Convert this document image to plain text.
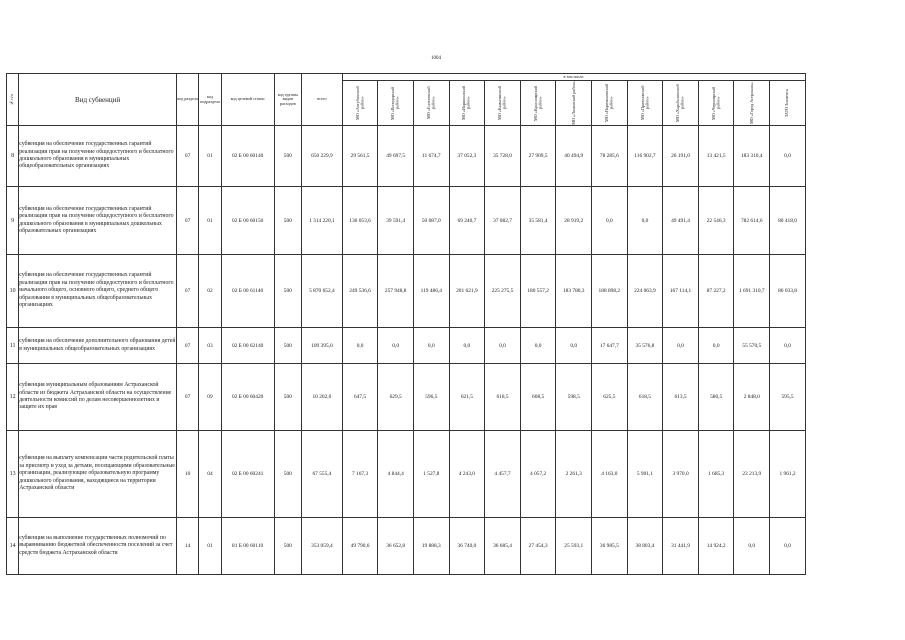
1004
№ п/п	Вид субвенций	код раздела	код подраздела	код целевой статьи	код группы видов расходов	всего	в том числе:												

							МО «Ахтубинский район»	МО «Володарский район»	МО «Енотаевский район»	МО «Икрянинский район»	МО «Камызякский район»	МО «Красноярский район»	МО «Лиманский район»	МО «Наримановский район»	МО «Приволжский район»	МО «Харабалинский район»	МО «Черноярский район»	МО «Город Астрахань»	ЗАТО Знаменск

8	субвенция на обеспечение государственных гарантий реализации прав на получение общедоступного и бесплатного дошкольного образования в муниципальных общеобразовательных организациях	07	01	02 Б 00 60140	500	650 229,9	29 561,5	49 697,5	11 674,7	37 052,3	35 728,0	27 909,5	40 494,9	78 285,6	116 902,7	26 191,0	13 421,5	183 310,4	0,0
9	субвенция на обеспечение государственных гарантий реализации прав на получение общедоступного и бесплатного дошкольного образования в муниципальных дошкольных образовательных организациях	07	01	02 Б 00 60150	500	1 314 220,1	136 053,6	39 591,4	50 087,0	69 240,7	37 082,7	35 581,4	28 919,2	0,0	0,0	49 491,4	22 546,3	782 614,6	80 418,0
10	субвенция на обеспечение государственных гарантий реализации прав на получение общедоступного и бесплатного начального общего, основного общего, среднего общего образования в муниципальных общеобразовательных организациях	07	02	02 Б 00 61140	500	5 870 652,4	249 536,6	257 948,8	119 486,4	201 621,9	225 275,5	180 557,2	183 780,3	188 898,2	224 063,9	167 114,1	87 227,2	1 691 310,7	86 033,8
11	субвенция на обеспечение дополнительного образования детей в муниципальных общеобразовательных организациях	07	03	02 Б 00 62140	500	109 395,0	0,0	0,0	0,0	0,0	0,0	0,0	0,0	17 647,7	35 576,8	0,0	0,0	55 570,5	0,0
12	субвенция муниципальным образованиям Астраханской области из бюджета Астраханской области на осуществление деятельности комиссий по делам несовершеннолетних и защите их прав	07	09	02 Б 00 60420	500	10 202,0	647,5	629,5	596,5	621,5	618,5	608,5	598,5	625,5	618,5	613,5	580,5	2 848,0	595,5
13	субвенция на выплату компенсации части родительской платы за присмотр и уход за детьми, посещающими образовательные организации, реализующие образовательную программу дошкольного образования, находящиеся на территории Астраханской области	10	04	02 Б 00 60241	500	67 555,4	7 167,3	4 844,4	1 527,8	4 243,0	4 457,7	4 057,2	2 261,3	4 163,0	5 901,1	3 970,0	1 685,3	23 213,9	1 961,2
14	субвенция на выполнение государственных полномочий по выравниванию бюджетной обеспеченности поселений за счет средств бюджета Астраханской области	14	01	81 Б 00 60110	500	353 059,4	49 790,6	36 652,8	19 888,3	36 740,0	36 685,4	27 454,3	25 593,1	36 985,5	38 803,4	31 441,9	14 924,2	0,0	0,0
